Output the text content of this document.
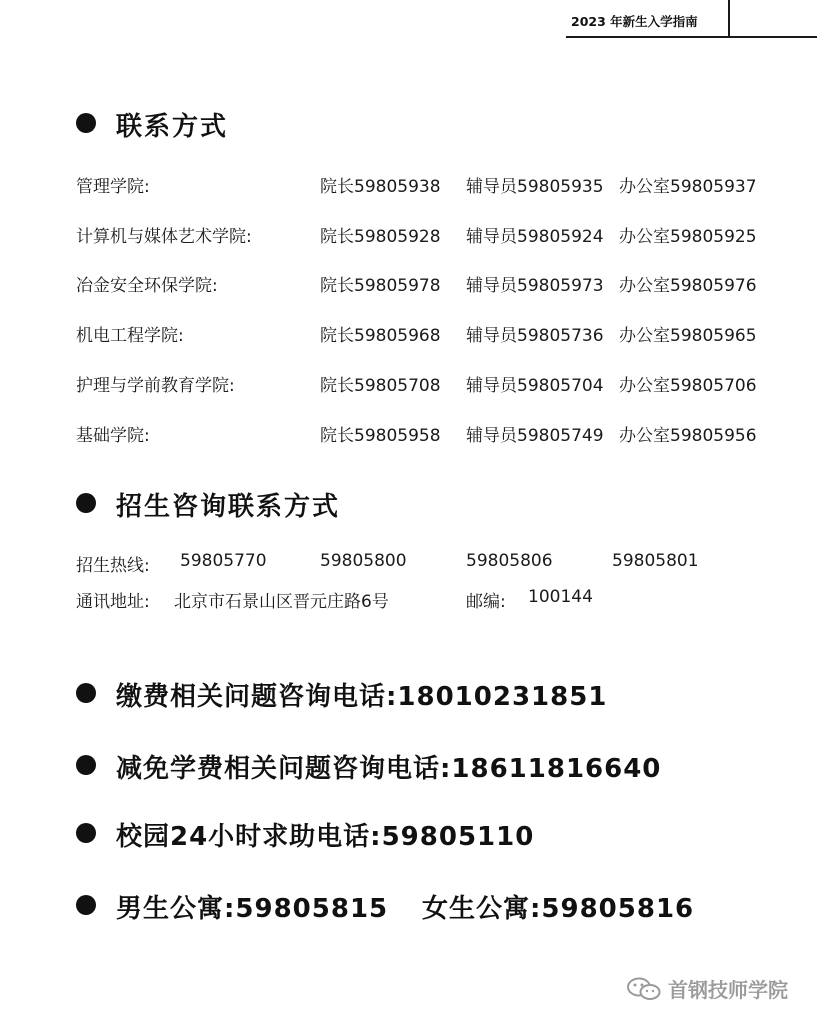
2023 年新生入学指南
联系方式
管理学院:	院长59805938 辅导员59805935 办公室59805937
计算机与媒体艺术学院:	院长59805928 辅导员59805924 办公室59805925
冶金安全环保学院:	院长59805978 辅导员59805973 办公室59805976
机电工程学院:	院长59805968 辅导员59805736 办公室59805965
护理与学前教育学院:	院长59805708 辅导员59805704 办公室59805706
基础学院:	院长59805958 辅导员59805749 办公室59805956
招生咨询联系方式
招生热线: 59805770	59805800	59805806	59805801
通讯地址: 北京市石景山区晋元庄路6号	邮编: 100144
缴费相关问题咨询电话:18010231851
减免学费相关问题咨询电话:18611816640
校园24小时求助电话:59805110
男生公寓:59805815 女生公寓:59805816
首钢技师学院
